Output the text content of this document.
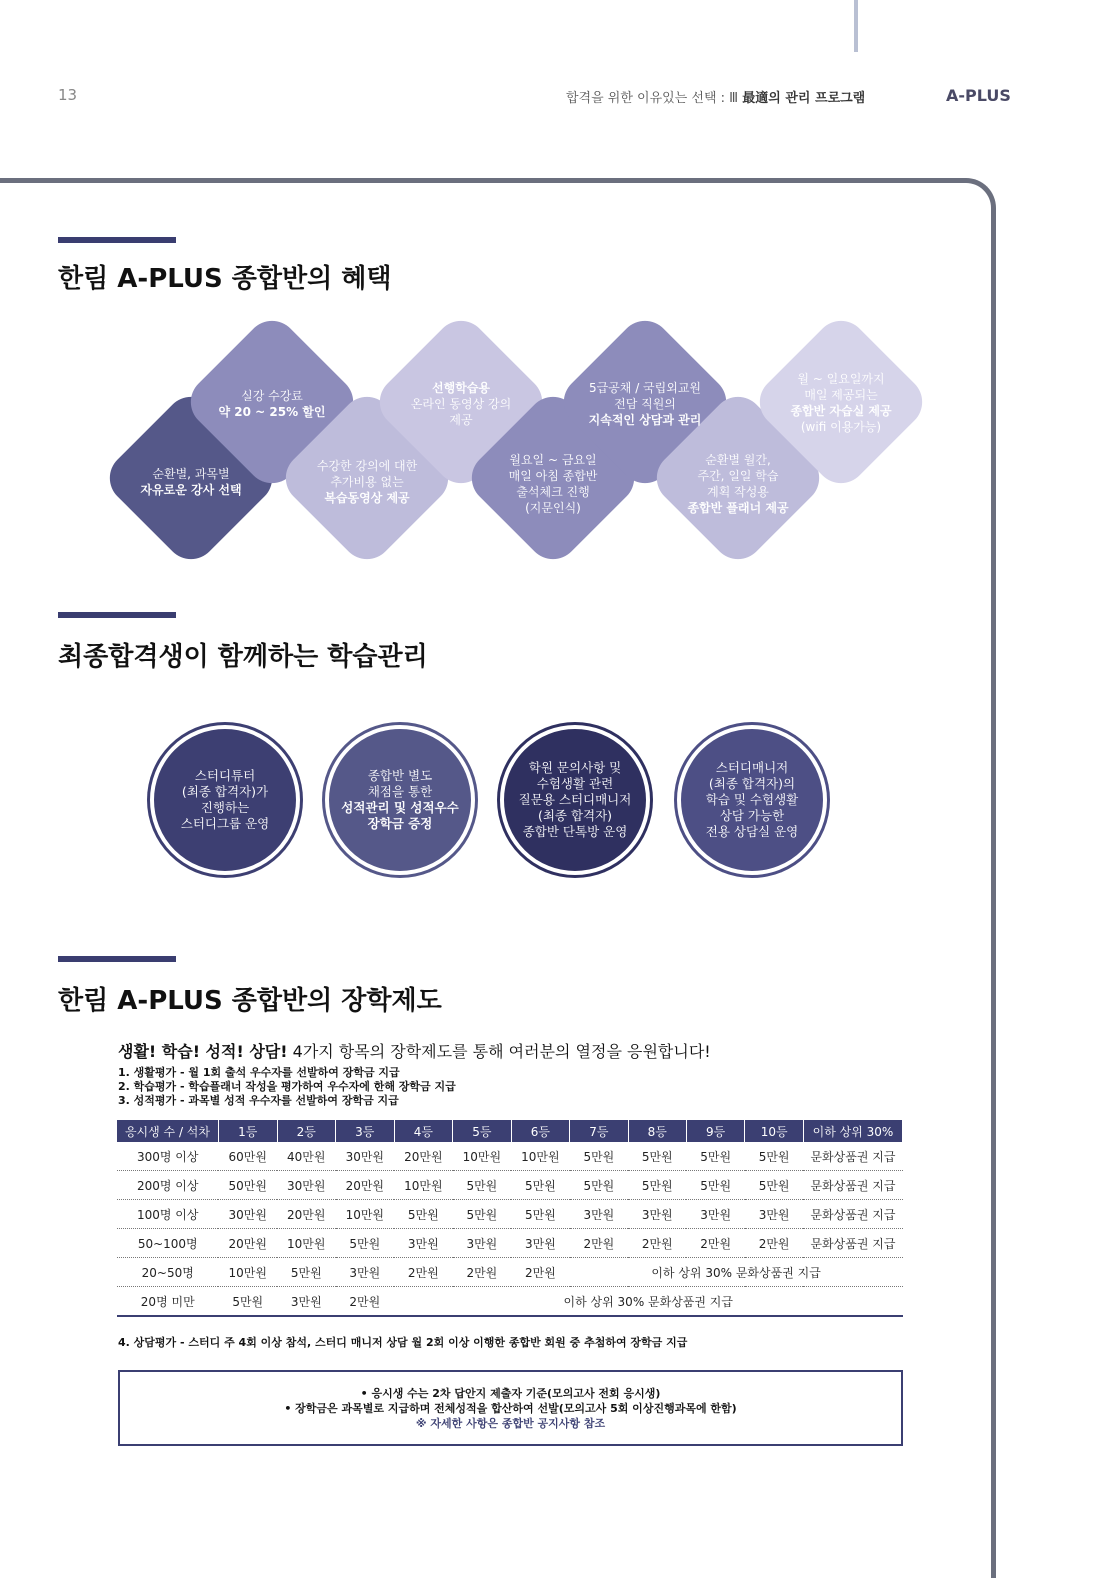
13	합격을 위한 이유있는 선택 : Ⅲ 最適의 관리 프로그램	A-PLUS
한림 A-PLUS 종합반의 혜택
순환별, 과목별
자유로운 강사 선택
실강 수강료
약 20 ~ 25% 할인
수강한 강의에 대한
추가비용 없는
복습동영상 제공
선행학습용
온라인 동영상 강의
제공
월요일 ~ 금요일
매일 아침 종합반
출석체크 진행
(지문인식)
5급공채 / 국립외교원
전담 직원의
지속적인 상담과 관리
순환별 월간,
주간, 일일 학습
계획 작성용
종합반 플래너 제공
월 ~ 일요일까지
매일 제공되는
종합반 자습실 제공
(wifi 이용가능)
최종합격생이 함께하는 학습관리
스터디튜터
(최종 합격자)가
진행하는
스터디그룹 운영
종합반 별도
채점을 통한
성적관리 및 성적우수
장학금 증정
학원 문의사항 및
수험생활 관련
질문용 스터디매니저
(최종 합격자)
종합반 단톡방 운영
스터디매니저
(최종 합격자)의
학습 및 수험생활
상담 가능한
전용 상담실 운영
한림 A-PLUS 종합반의 장학제도
생활! 학습! 성적! 상담! 4가지 항목의 장학제도를 통해 여러분의 열정을 응원합니다!
1. 생활평가 - 월 1회 출석 우수자를 선발하여 장학금 지급
2. 학습평가 - 학습플래너 작성을 평가하여 우수자에 한해 장학금 지급
3. 성적평가 - 과목별 성적 우수자를 선발하여 장학금 지급
응시생 수 / 석차	1등	2등	3등	4등	5등	6등	7등	8등	9등	10등	이하 상위 30%
300명 이상	60만원	40만원	30만원	20만원	10만원	10만원	5만원	5만원	5만원	5만원	문화상품권 지급
200명 이상	50만원	30만원	20만원	10만원	5만원	5만원	5만원	5만원	5만원	5만원	문화상품권 지급
100명 이상	30만원	20만원	10만원	5만원	5만원	5만원	3만원	3만원	3만원	3만원	문화상품권 지급
50~100명	20만원	10만원	5만원	3만원	3만원	3만원	2만원	2만원	2만원	2만원	문화상품권 지급
20~50명	10만원	5만원	3만원	2만원	2만원	2만원	이하 상위 30% 문화상품권 지급				
20명 미만	5만원	3만원	2만원	이하 상위 30% 문화상품권 지급							
4. 상담평가 - 스터디 주 4회 이상 참석, 스터디 매니저 상담 월 2회 이상 이행한 종합반 회원 중 추첨하여 장학금 지급
• 응시생 수는 2차 답안지 제출자 기준(모의고사 전회 응시생)
• 장학금은 과목별로 지급하며 전체성적을 합산하여 선발(모의고사 5회 이상진행과목에 한함)
※ 자세한 사항은 종합반 공지사항 참조
